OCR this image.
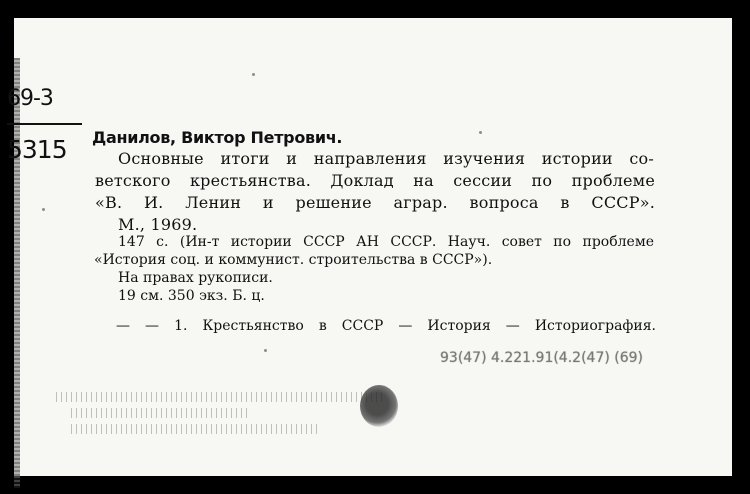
69-3
5315 Данилов, Виктор Петрович.
Основные итоги и направления изучения истории со-
ветского крестьянства. Доклад на сессии по проблеме
«В. И. Ленин и решение аграр. вопроса в СССР».
М., 1969.
147 с. (Ин-т истории СССР АН СССР. Науч. совет по проблеме
«История соц. и коммунист. строительства в СССР»).
На правах рукописи.
19 см. 350 экз. Б. ц.
— — 1. Крестьянство в СССР — История — Историография.
93(47) 4.221.91(4.2(47) (69)
